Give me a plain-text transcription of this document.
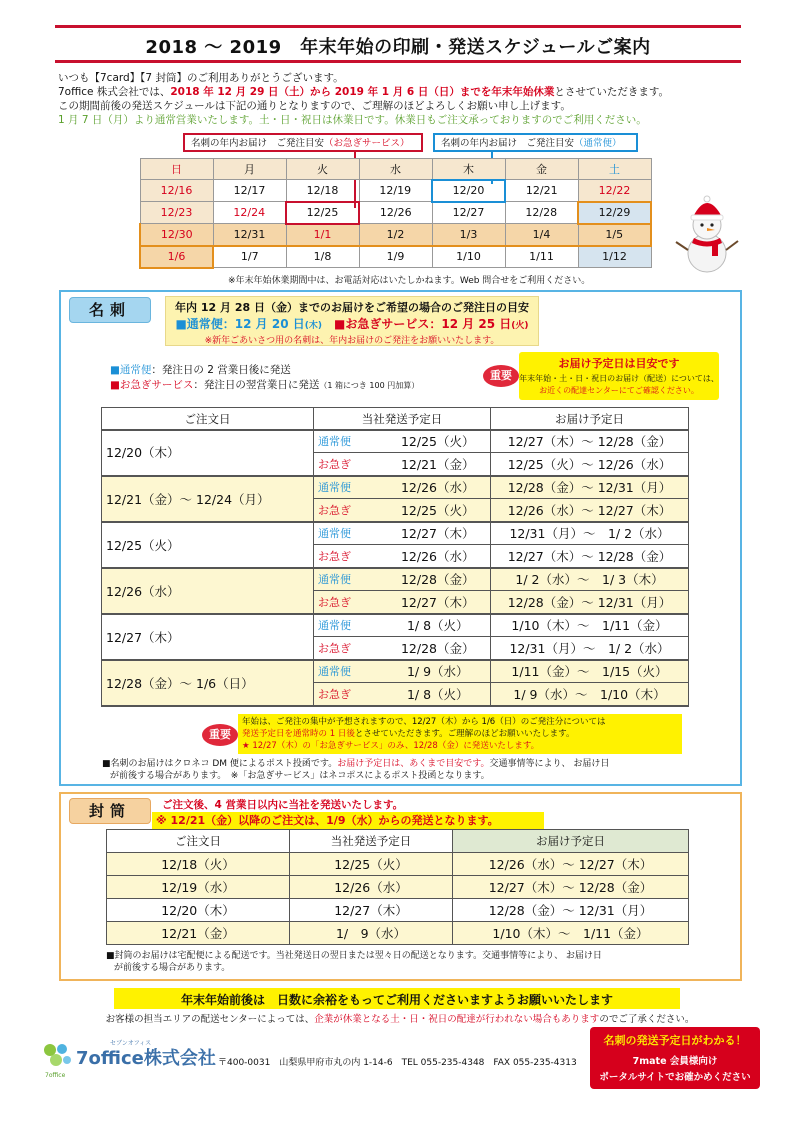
2018 ～ 2019　年末年始の印刷・発送スケジュールご案内
いつも【7card】【7 封筒】のご利用ありがとうございます。
7office 株式会社では、2018 年 12 月 29 日（土）から 2019 年 1 月 6 日（日）までを年末年始休業とさせていただきます。
この期間前後の発送スケジュールは下記の通りとなりますので、ご理解のほどよろしくお願い申し上げます。
1 月 7 日（月）より通常営業いたします。土・日・祝日は休業日です。休業日もご注文承っておりますのでご利用ください。
名刺の年内お届け　ご発注目安（お急ぎサービス）	名刺の年内お届け　ご発注目安（通常便）
日	月	火	水	木	金	土
12/16	12/17	12/18	12/19	12/20	12/21	12/22
12/23	12/24	12/25	12/26	12/27	12/28	12/29
12/30	12/31	1/1	1/2	1/3	1/4	1/5
1/6	1/7	1/8	1/9	1/10	1/11	1/12
※年末年始休業期間中は、お電話対応はいたしかねます。Web 問合せをご利用ください。
名刺	年内 12 月 28 日（金）までのお届けをご希望の場合のご発注日の目安
■通常便：12 月 20 日(木)　 ■お急ぎサービス：12 月 25 日(火)
※新年ごあいさつ用の名刺は、年内お届けのご発注をお願いいたします。
■通常便：発注日の 2 営業日後に発送
■お急ぎサービス：発注日の翌営業日に発送（1 箱につき 100 円加算）
重要
お届け予定日は目安です
年末年始・土・日・祝日のお届け（配送）については、
お近くの配達センターにてご確認ください。
ご注文日	当社発送予定日	お届け予定日
12/20（木）	通常便	12/25（火）	12/27（木）～ 12/28（金）
	お急ぎ	12/21（金）	12/25（火）～ 12/26（水）
12/21（金）～ 12/24（月）	通常便	12/26（水）	12/28（金）～ 12/31（月）
	お急ぎ	12/25（火）	12/26（水）～ 12/27（木）
12/25（火）	通常便	12/27（木）	12/31（月）～　1/ 2（水）
	お急ぎ	12/26（水）	12/27（木）～ 12/28（金）
12/26（水）	通常便	12/28（金）	1/ 2（水）～　1/ 3（木）
	お急ぎ	12/27（木）	12/28（金）～ 12/31（月）
12/27（木）	通常便	1/ 8（火）	1/10（木）～　1/11（金）
	お急ぎ	12/28（金）	12/31（月）～　1/ 2（水）
12/28（金）～ 1/6（日）	通常便	1/ 9（水）	1/11（金）～　1/15（火）
	お急ぎ	1/ 8（火）	1/ 9（水）～　1/10（木）
重要
年始は、ご発注の集中が予想されますので、12/27（木）から 1/6（日）のご発注分については
発送予定日を通常時の 1 日後とさせていただきます。ご理解のほどお願いいたします。
★ 12/27（木）の「お急ぎサービス」のみ、12/28（金）に発送いたします。
■名刺のお届けはクロネコ DM 便によるポスト投函です。お届け予定日は、あくまで目安です。交通事情等により、 お届け日
が前後する場合があります。　※「お急ぎサービス」はネコポスによるポスト投函となります。
封筒	ご注文後、4 営業日以内に当社を発送いたします。
※ 12/21（金）以降のご注文は、1/9（水）からの発送となります。
ご注文日	当社発送予定日	お届け予定日
12/18（火）	12/25（火）	12/26（水）～ 12/27（木）
12/19（水）	12/26（水）	12/27（木）～ 12/28（金）
12/20（木）	12/27（木）	12/28（金）～ 12/31（月）
12/21（金）	1/　9（水）	1/10（木）～　1/11（金）
■封筒のお届けは宅配便による配送です。当社発送日の翌日または翌々日の配送となります。交通事情等により、 お届け日
が前後する場合があります。
年末年始前後は　日数に余裕をもってご利用くださいますようお願いいたします
お客様の担当エリアの配送センターによっては、企業が休業となる土・日・祝日の配達が行われない場合もありますのでご了承ください。
7office
7office株式会社
セブンオフィス
〒400-0031　山梨県甲府市丸の内 1-14-6　TEL 055-235-4348　FAX 055-235-4313
名刺の発送予定日がわかる！
7mate 会員様向け
ポータルサイトでお確かめください
